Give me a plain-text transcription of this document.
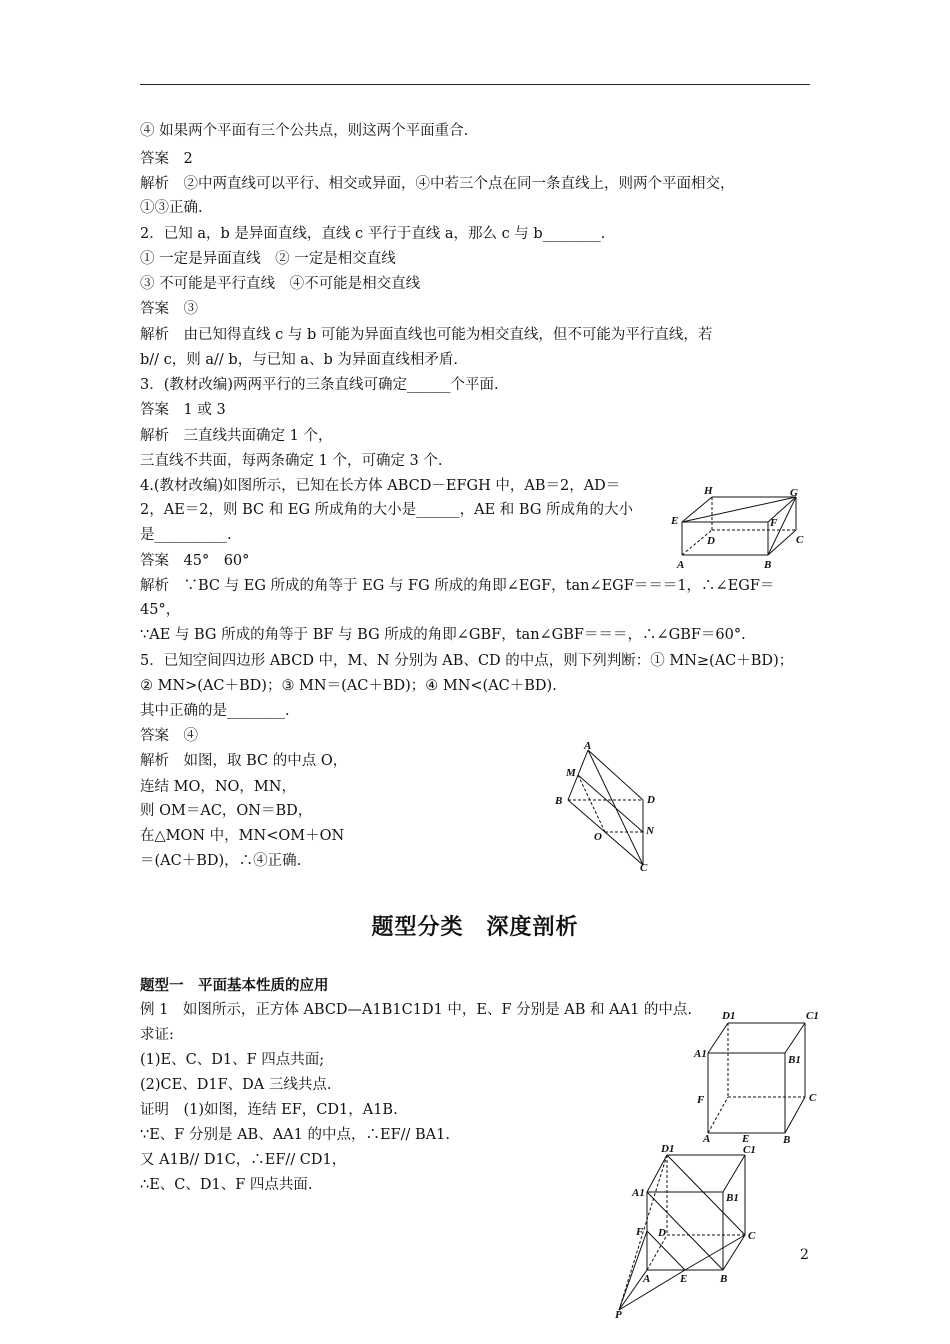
④ 如果两个平面有三个公共点，则这两个平面重合.
答案　2
解析　②中两直线可以平行、相交或异面，④中若三个点在同一条直线上，则两个平面相交，
①③正确.
2．已知 a，b 是异面直线，直线 c 平行于直线 a，那么 c 与 b________.
① 一定是异面直线　② 一定是相交直线
③ 不可能是平行直线　④不可能是相交直线
答案　③
解析　由已知得直线 c 与 b 可能为异面直线也可能为相交直线，但不可能为平行直线，若
b// c，则 a// b，与已知 a、b 为异面直线相矛盾.
3．(教材改编)两两平行的三条直线可确定______个平面.
答案　1 或 3
解析　三直线共面确定 1 个，
三直线不共面，每两条确定 1 个，可确定 3 个.
4.(教材改编)如图所示，已知在长方体 ABCD－EFGH 中，AB＝2，AD＝
2，AE＝2，则 BC 和 EG 所成角的大小是______，AE 和 BG 所成角的大小
是__________.
答案　45°　60°
解析　∵BC 与 EG 所成的角等于 EG 与 FG 所成的角即∠EGF，tan∠EGF＝＝＝1，∴∠EGF＝
45°，
∵AE 与 BG 所成的角等于 BF 与 BG 所成的角即∠GBF，tan∠GBF＝＝＝，∴∠GBF＝60°.
5．已知空间四边形 ABCD 中，M、N 分别为 AB、CD 的中点，则下列判断：① MN≥(AC＋BD)；
② MN>(AC＋BD)；③ MN＝(AC＋BD)；④ MN<(AC＋BD).
其中正确的是________.
答案　④
解析　如图，取 BC 的中点 O，
连结 MO，NO，MN，
则 OM＝AC，ON＝BD，
在△MON 中，MN<OM＋ON
＝(AC＋BD)，∴④正确.
题型分类　深度剖析
题型一　平面基本性质的应用
例 1　如图所示，正方体 ABCD—A1B1C1D1 中，E、F 分别是 AB 和 AA1 的中点.
求证:
(1)E、C、D1、F 四点共面;
(2)CE、D1F、DA 三线共点.
证明　(1)如图，连结 EF，CD1，A1B.
∵E、F 分别是 AB、AA1 的中点，∴EF// BA1.
又 A1B// D1C，∴EF// CD1，
∴E、C、D1、F 四点共面.
H	G
E	F
D	C
A	B
A
M
B	D
O	N
C
D1	C1
A1	B1
F	C
A	E	B
D1	C1
A1	B1
F D	C
A	E	B
P
2
